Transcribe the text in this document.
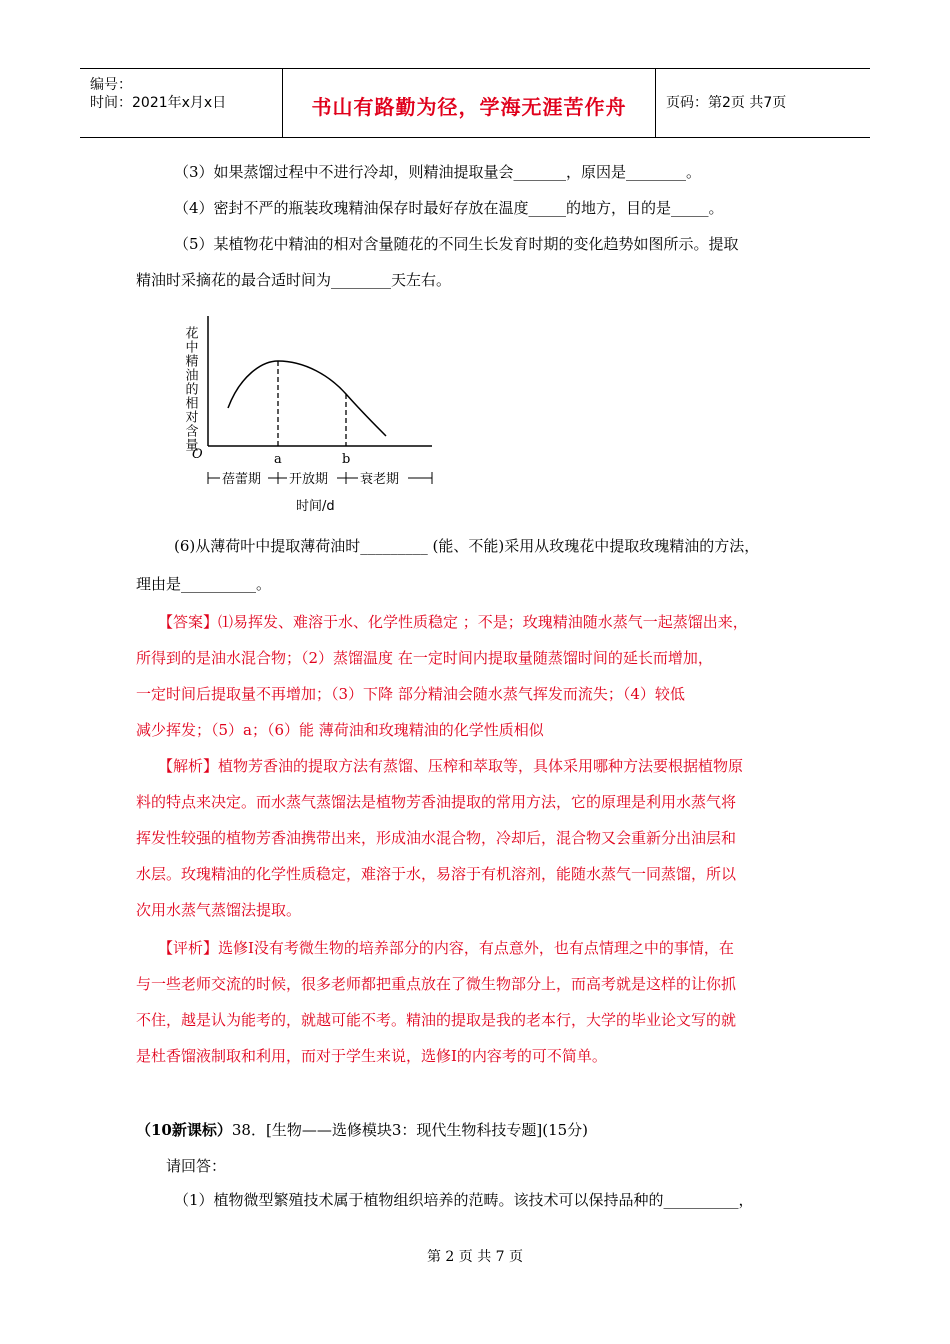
编号：
时间：2021年x月x日	书山有路勤为径，学海无涯苦作舟	页码：第2页 共7页
（3）如果蒸馏过程中不进行冷却，则精油提取量会_______，原因是________。
（4）密封不严的瓶装玫瑰精油保存时最好存放在温度_____的地方，目的是_____。
（5）某植物花中精油的相对含量随花的不同生长发育时期的变化趋势如图所示。提取
精油时采摘花的最合适时间为________天左右。
花中精油的相对含量
O	a	b
蓓蕾期 开放期 衰老期
时间/d
(6)从薄荷叶中提取薄荷油时_________ (能、不能)采用从玫瑰花中提取玫瑰精油的方法，
理由是__________。
【答案】⑴易挥发、难溶于水、化学性质稳定 ；不是；玫瑰精油随水蒸气一起蒸馏出来，
所得到的是油水混合物；（2）蒸馏温度 在一定时间内提取量随蒸馏时间的延长而增加，
一定时间后提取量不再增加；（3）下降 部分精油会随水蒸气挥发而流失；（4）较低
减少挥发；（5）a；（6）能 薄荷油和玫瑰精油的化学性质相似
【解析】植物芳香油的提取方法有蒸馏、压榨和萃取等，具体采用哪种方法要根据植物原
料的特点来决定。而水蒸气蒸馏法是植物芳香油提取的常用方法，它的原理是利用水蒸气将
挥发性较强的植物芳香油携带出来，形成油水混合物，冷却后，混合物又会重新分出油层和
水层。玫瑰精油的化学性质稳定，难溶于水，易溶于有机溶剂，能随水蒸气一同蒸馏，所以
次用水蒸气蒸馏法提取。
【评析】选修Ⅰ没有考微生物的培养部分的内容，有点意外，也有点情理之中的事情，在
与一些老师交流的时候，很多老师都把重点放在了微生物部分上，而高考就是这样的让你抓
不住，越是认为能考的，就越可能不考。精油的提取是我的老本行，大学的毕业论文写的就
是杜香馏液制取和利用，而对于学生来说，选修Ⅰ的内容考的可不简单。
（10新课标）38．[生物——选修模块3：现代生物科技专题](15分)
请回答：
（1）植物微型繁殖技术属于植物组织培养的范畴。该技术可以保持品种的__________，
第 2 页 共 7 页
